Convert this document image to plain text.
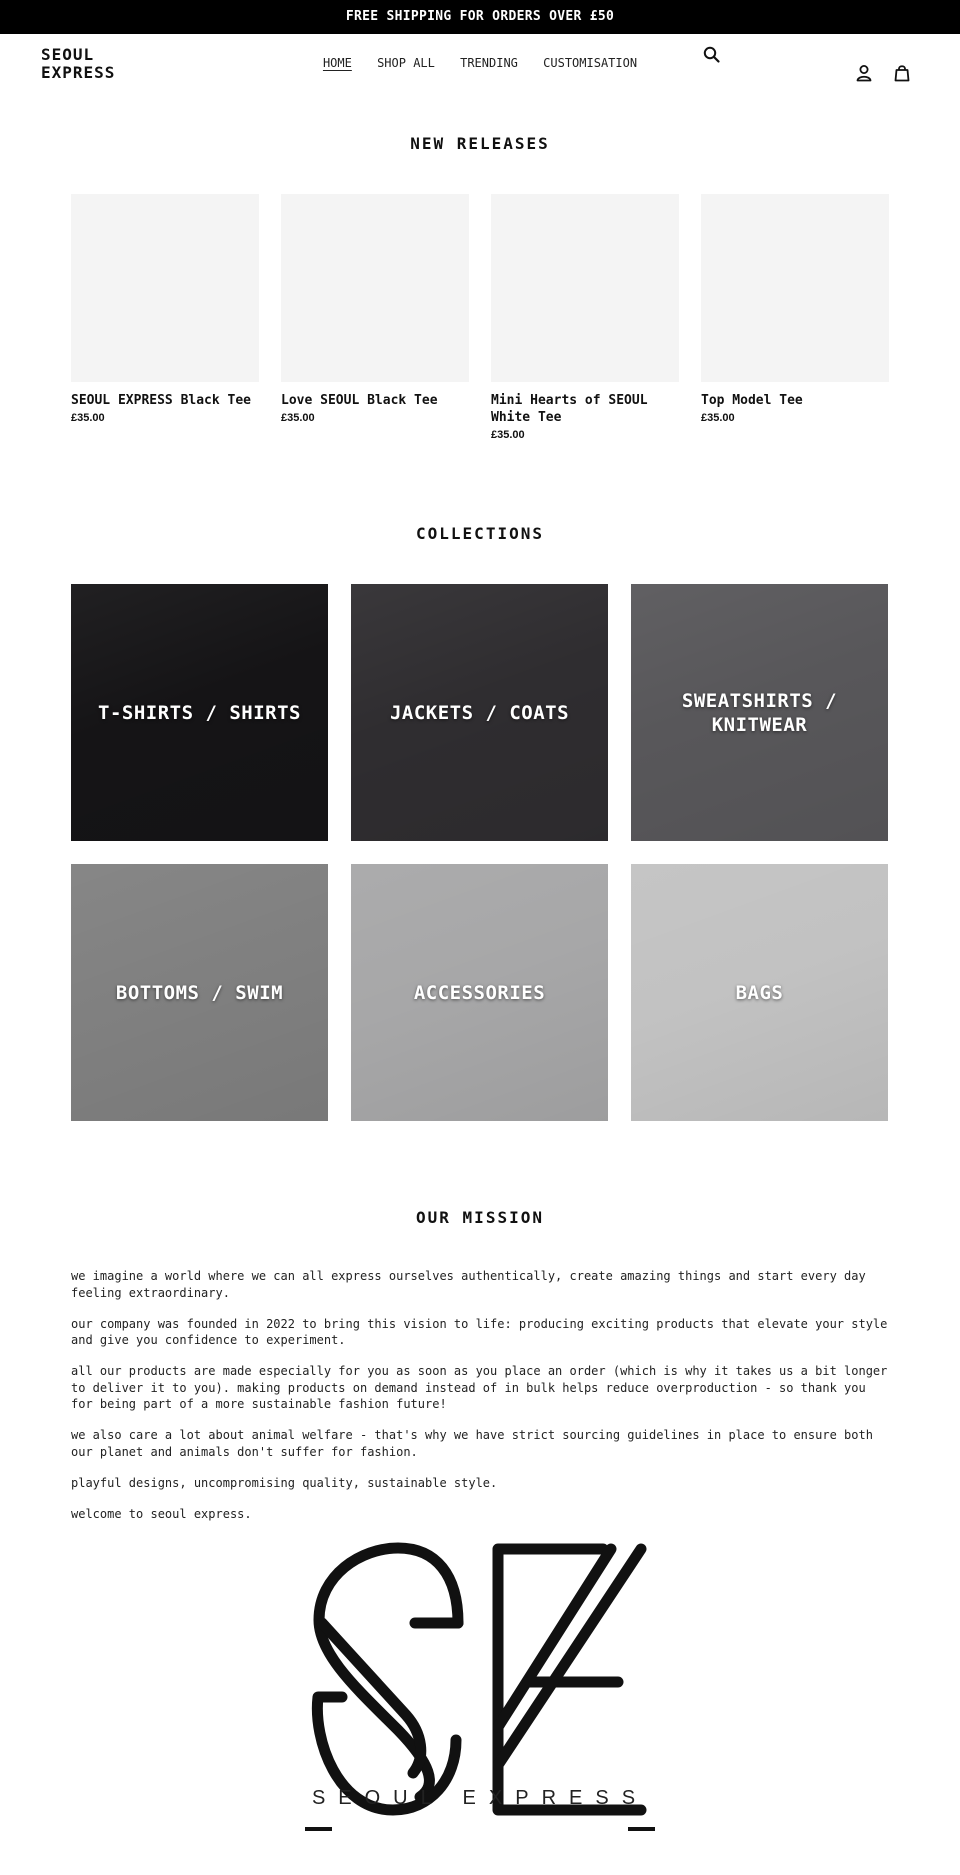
FREE SHIPPING FOR ORDERS OVER £50
SEOUL
EXPRESS	HOME SHOP ALL TRENDING CUSTOMISATION
NEW RELEASES
SEOUL EXPRESS Black Tee
£35.00
Love SEOUL Black Tee
£35.00
Mini Hearts of SEOUL White Tee
£35.00
Top Model Tee
£35.00
COLLECTIONS
T-SHIRTS / SHIRTS	JACKETS / COATS
SWEATSHIRTS / KNITWEAR
BOTTOMS / SWIM	ACCESSORIES	BAGS
OUR MISSION

we imagine a world where we can all express ourselves authentically, create amazing things and start every day feeling extraordinary.

our company was founded in 2022 to bring this vision to life: producing exciting products that elevate your style and give you confidence to experiment.

all our products are made especially for you as soon as you place an order (which is why it takes us a bit longer to deliver it to you). making products on demand instead of in bulk helps reduce overproduction - so thank you for being part of a more sustainable fashion future!

we also care a lot about animal welfare - that's why we have strict sourcing guidelines in place to ensure both our planet and animals don't suffer for fashion.

playful designs, uncompromising quality, sustainable style.

welcome to seoul express.

SEOUL EXPRESS
